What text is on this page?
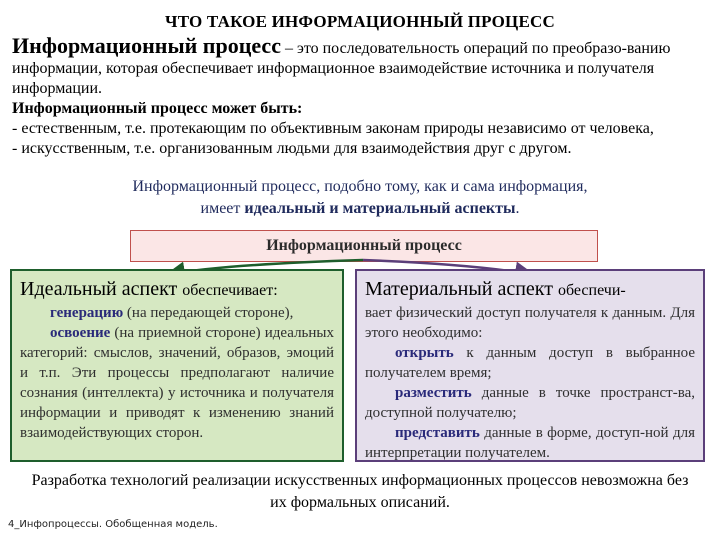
ЧТО ТАКОЕ ИНФОРМАЦИОННЫЙ ПРОЦЕСС
Информационный процесс – это последовательность операций по преобразо-ванию информации, которая обеспечивает информационное взаимодействие источника и получателя информации.
Информационный процесс может быть:
- естественным, т.е. протекающим по объективным законам природы независимо от человека,
- искусственным, т.е. организованным людьми для взаимодействия друг с другом.
Информационный процесс, подобно тому, как и сама информация,
имеет идеальный и материальный аспекты.
Информационный процесс
Идеальный аспект обеспечивает:
  генерацию (на передающей стороне),
  освоение (на приемной стороне) идеальных категорий: смыслов, значений, образов, эмоций и т.п. Эти процессы предполагают наличие сознания (интеллекта) у источника и получателя информации и приводят к изменению знаний взаимодействующих сторон.
Материальный аспект обеспечи-
вает физический доступ получателя к данным. Для этого необходимо:
  открыть к данным доступ в выбранное получателем время;
  разместить данные в точке пространст-ва, доступной получателю;
  представить данные в форме, доступ-ной для интерпретации получателем.
Разработка технологий реализации искусственных информационных процессов невозможна без их формальных описаний.
4_Инфопроцессы. Обобщенная модель.
